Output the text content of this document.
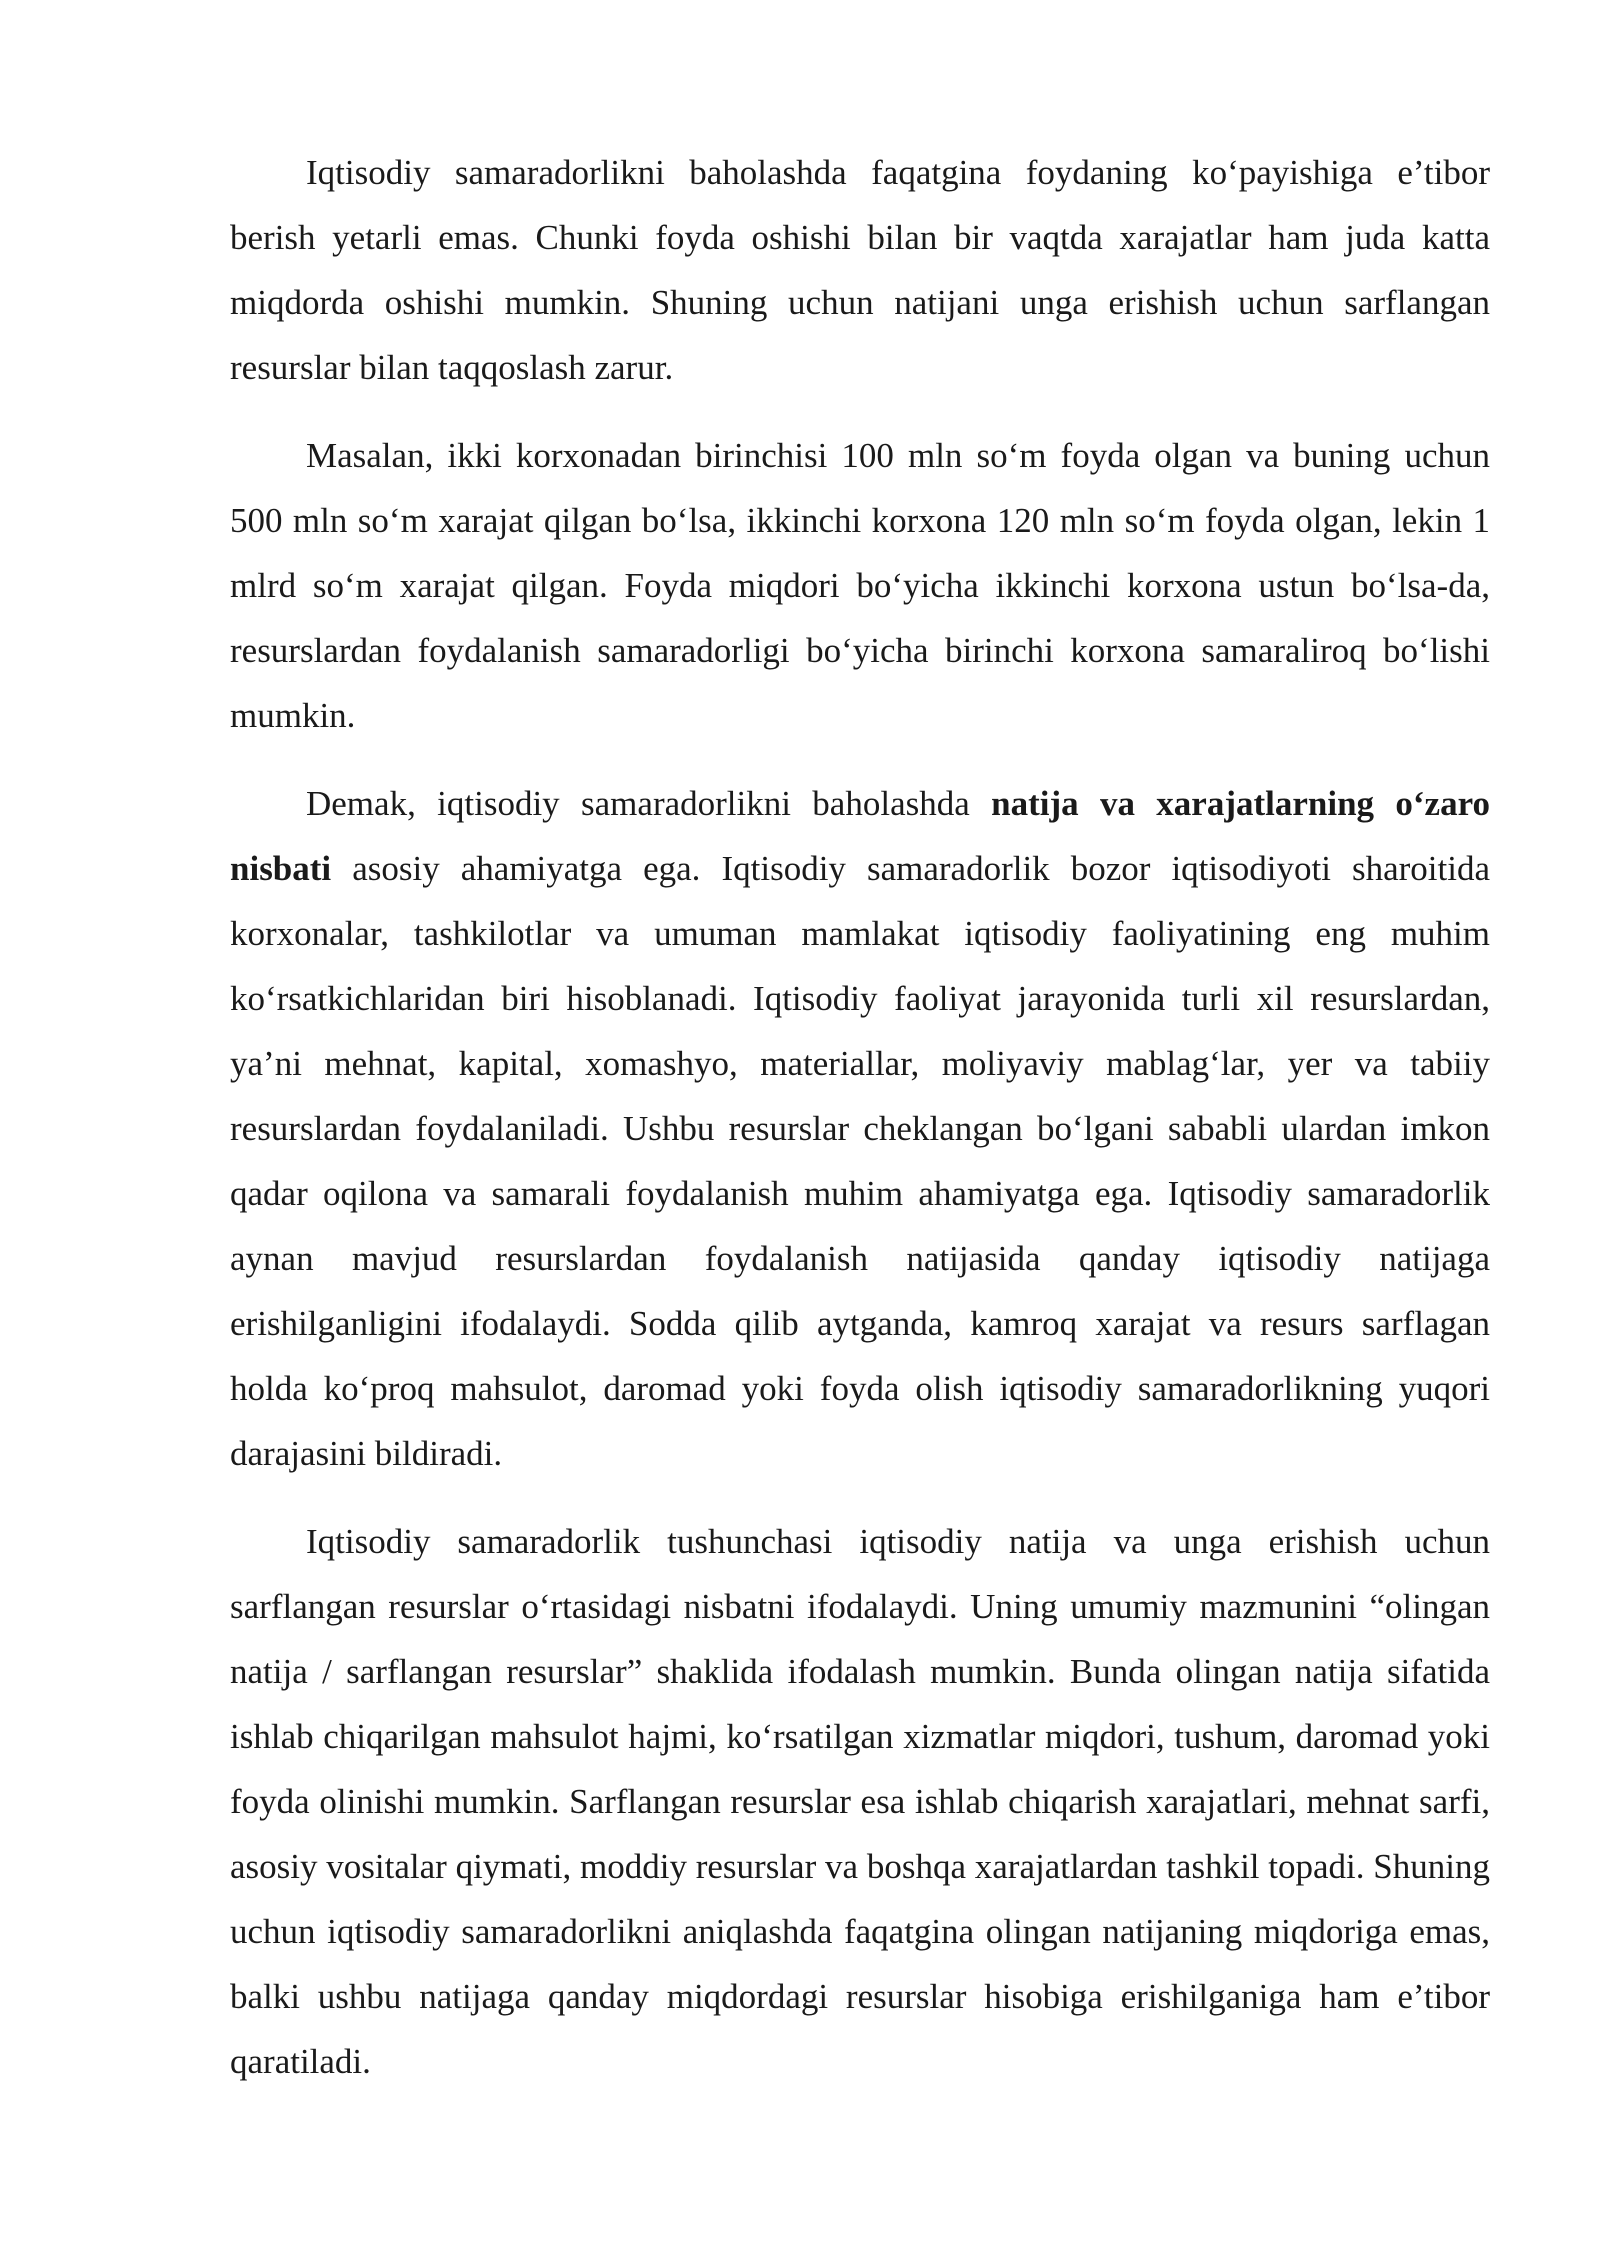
Iqtisodiy samaradorlikni baholashda faqatgina foydaning ko‘payishiga e’tibor berish yetarli emas. Chunki foyda oshishi bilan bir vaqtda xarajatlar ham juda katta miqdorda oshishi mumkin. Shuning uchun natijani unga erishish uchun sarflangan resurslar bilan taqqoslash zarur.

Masalan, ikki korxonadan birinchisi 100 mln so‘m foyda olgan va buning uchun 500 mln so‘m xarajat qilgan bo‘lsa, ikkinchi korxona 120 mln so‘m foyda olgan, lekin 1 mlrd so‘m xarajat qilgan. Foyda miqdori bo‘yicha ikkinchi korxona ustun bo‘lsa-da, resurslardan foydalanish samaradorligi bo‘yicha birinchi korxona samaraliroq bo‘lishi mumkin.

Demak, iqtisodiy samaradorlikni baholashda natija va xarajatlarning o‘zaro nisbati asosiy ahamiyatga ega. Iqtisodiy samaradorlik bozor iqtisodiyoti sharoitida korxonalar, tashkilotlar va umuman mamlakat iqtisodiy faoliyatining eng muhim ko‘rsatkichlaridan biri hisoblanadi. Iqtisodiy faoliyat jarayonida turli xil resurslardan, ya’ni mehnat, kapital, xomashyo, materiallar, moliyaviy mablag‘lar, yer va tabiiy resurslardan foydalaniladi. Ushbu resurslar cheklangan bo‘lgani sababli ulardan imkon qadar oqilona va samarali foydalanish muhim ahamiyatga ega. Iqtisodiy samaradorlik aynan mavjud resurslardan foydalanish natijasida qanday iqtisodiy natijaga erishilganligini ifodalaydi. Sodda qilib aytganda, kamroq xarajat va resurs sarflagan holda ko‘proq mahsulot, daromad yoki foyda olish iqtisodiy samaradorlikning yuqori darajasini bildiradi.

Iqtisodiy samaradorlik tushunchasi iqtisodiy natija va unga erishish uchun sarflangan resurslar o‘rtasidagi nisbatni ifodalaydi. Uning umumiy mazmunini “olingan natija / sarflangan resurslar” shaklida ifodalash mumkin. Bunda olingan natija sifatida ishlab chiqarilgan mahsulot hajmi, ko‘rsatilgan xizmatlar miqdori, tushum, daromad yoki foyda olinishi mumkin. Sarflangan resurslar esa ishlab chiqarish xarajatlari, mehnat sarfi, asosiy vositalar qiymati, moddiy resurslar va boshqa xarajatlardan tashkil topadi. Shuning uchun iqtisodiy samaradorlikni aniqlashda faqatgina olingan natijaning miqdoriga emas, balki ushbu natijaga qanday miqdordagi resurslar hisobiga erishilganiga ham e’tibor qaratiladi.
